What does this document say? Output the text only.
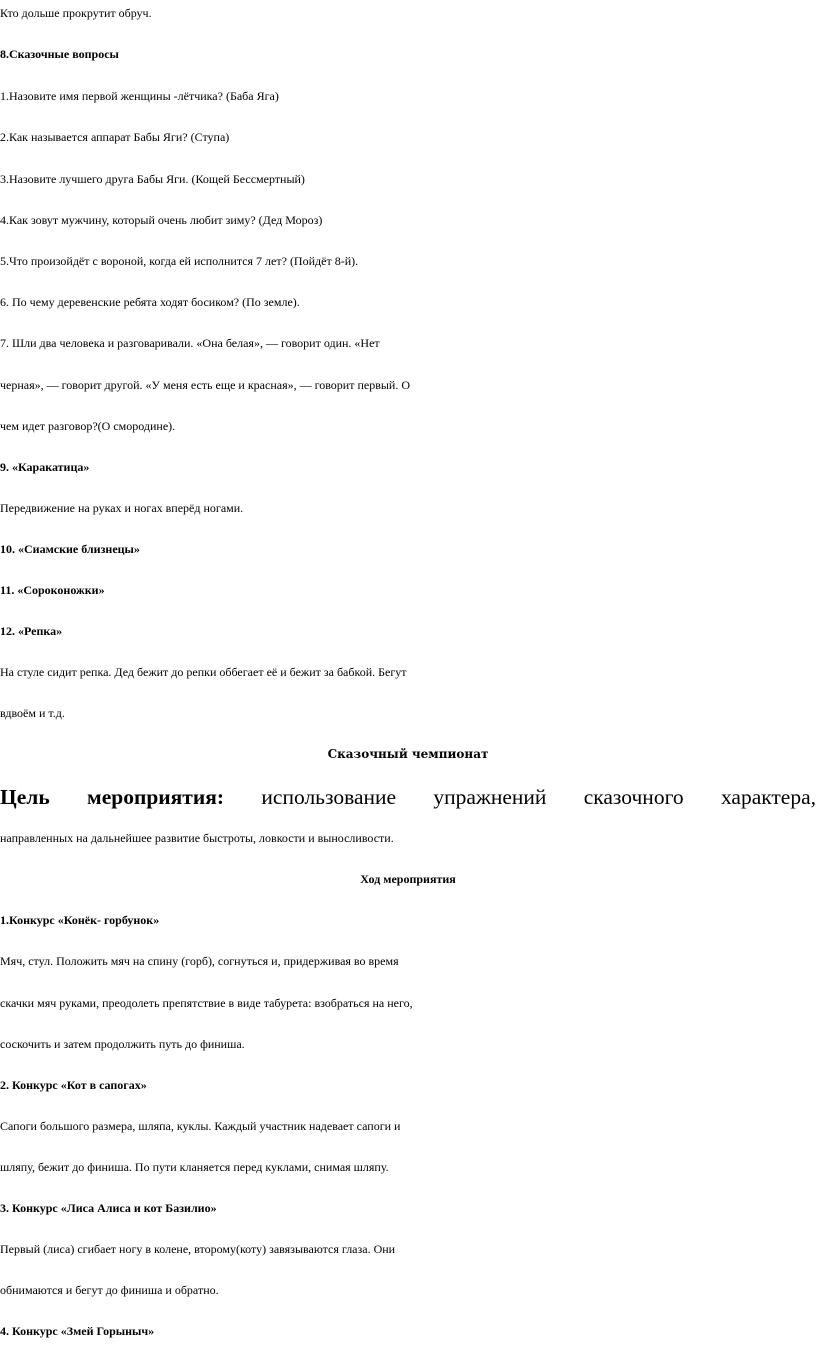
Кто дольше прокрутит обруч.
8.Сказочные вопросы
1.Назовите имя первой женщины -лётчика? (Баба Яга)
2.Как называется аппарат Бабы Яги? (Ступа)
3.Назовите лучшего друга Бабы Яги. (Кощей Бессмертный)
4.Как зовут мужчину, который очень любит зиму? (Дед Мороз)
5.Что произойдёт с вороной, когда ей исполнится 7 лет? (Пойдёт 8-й).
6. По чему деревенские ребята ходят босиком? (По земле).
7. Шли два человека и разговаривали. «Она белая», — говорит один. «Нет
черная», — говорит другой. «У меня есть еще и красная», — говорит первый. О
чем идет разговор?(О смородине).
9. «Каракатица»
Передвижение на руках и ногах вперёд ногами.
10. «Сиамские близнецы»
11. «Сороконожки»
12. «Репка»
На стуле сидит репка. Дед бежит до репки оббегает её и бежит за бабкой. Бегут
вдвоём и т.д.
Сказочный чемпионат
Цель мероприятия: использование упражнений сказочного характера,
направленных на дальнейшее развитие быстроты, ловкости и выносливости.
Ход мероприятия
1.Конкурс «Конёк- горбунок»
Мяч, стул. Положить мяч на спину (горб), согнуться и, придерживая во время
скачки мяч руками, преодолеть препятствие в виде табурета: взобраться на него,
соскочить и затем продолжить путь до финиша.
2. Конкурс «Кот в сапогах»
Сапоги большого размера, шляпа, куклы. Каждый участник надевает сапоги и
шляпу, бежит до финиша. По пути кланяется перед куклами, снимая шляпу.
3. Конкурс «Лиса Алиса и кот Базилио»
Первый (лиса) сгибает ногу в колене, второму(коту) завязываются глаза. Они
обнимаются и бегут до финиша и обратно.
4. Конкурс «Змей Горыныч»
